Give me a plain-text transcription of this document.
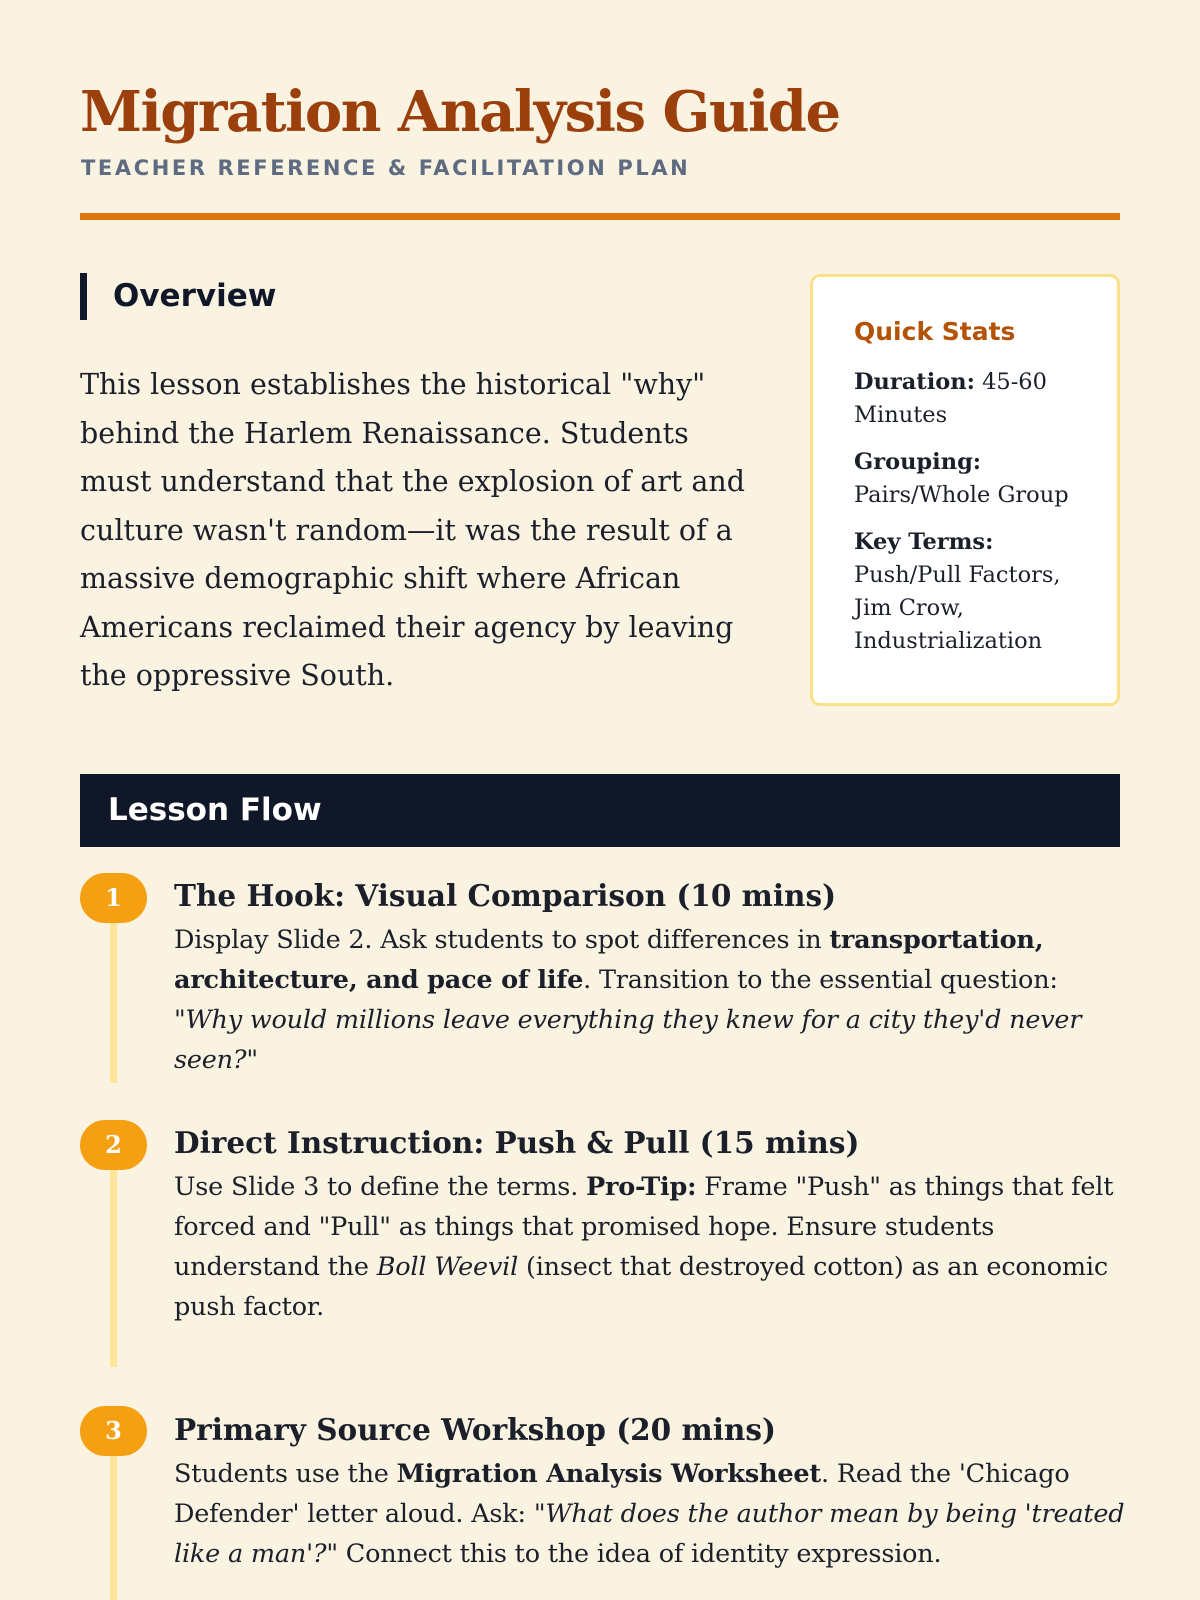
Migration Analysis Guide
TEACHER REFERENCE & FACILITATION PLAN
Overview

This lesson establishes the historical "why" behind the Harlem Renaissance. Students must understand that the explosion of art and culture wasn't random—it was the result of a massive demographic shift where African Americans reclaimed their agency by leaving the oppressive South.

Quick Stats
Duration: 45-60 Minutes
Grouping: Pairs/Whole Group
Key Terms: Push/Pull Factors, Jim Crow, Industrialization
Lesson Flow
1	The Hook: Visual Comparison (10 mins)

Display Slide 2. Ask students to spot differences in transportation, architecture, and pace of life. Transition to the essential question: "Why would millions leave everything they knew for a city they'd never seen?"

2	Direct Instruction: Push & Pull (15 mins)

Use Slide 3 to define the terms. Pro-Tip: Frame "Push" as things that felt forced and "Pull" as things that promised hope. Ensure students understand the Boll Weevil (insect that destroyed cotton) as an economic push factor.

3	Primary Source Workshop (20 mins)

Students use the Migration Analysis Worksheet. Read the 'Chicago Defender' letter aloud. Ask: "What does the author mean by being 'treated like a man'?" Connect this to the idea of identity expression.
